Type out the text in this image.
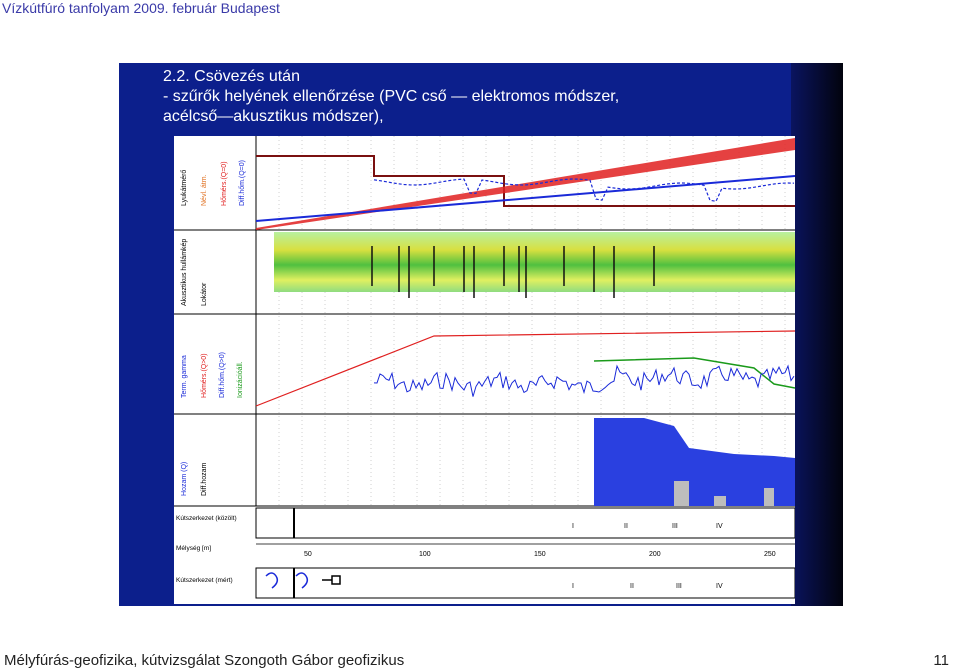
Vízkútfúró tanfolyam 2009. február Budapest
2.2. Csövezés után
- szűrők helyének ellenőrzése (PVC cső — elektromos módszer,
acélcső—akusztikus módszer),
Lyukátmérő Névl. átm. Hőmérs.(Q=0) Diff.hőm.(Q=0)
Akusztikus hullámkép Lokátor
Term. gamma Hőmérs.(Q>0) Diff.hőm.(Q>0) Ionizációáll.
Hozam (Q) Diff.hozam
Kútszerkezet (közölt)
Mélység [m]
Kútszerkezet (mért)
50	100	150	200	250
I	II	III	IV
I	II	III	IV
Mélyfúrás-geofizika, kútvizsgálat Szongoth Gábor geofizikus	11
